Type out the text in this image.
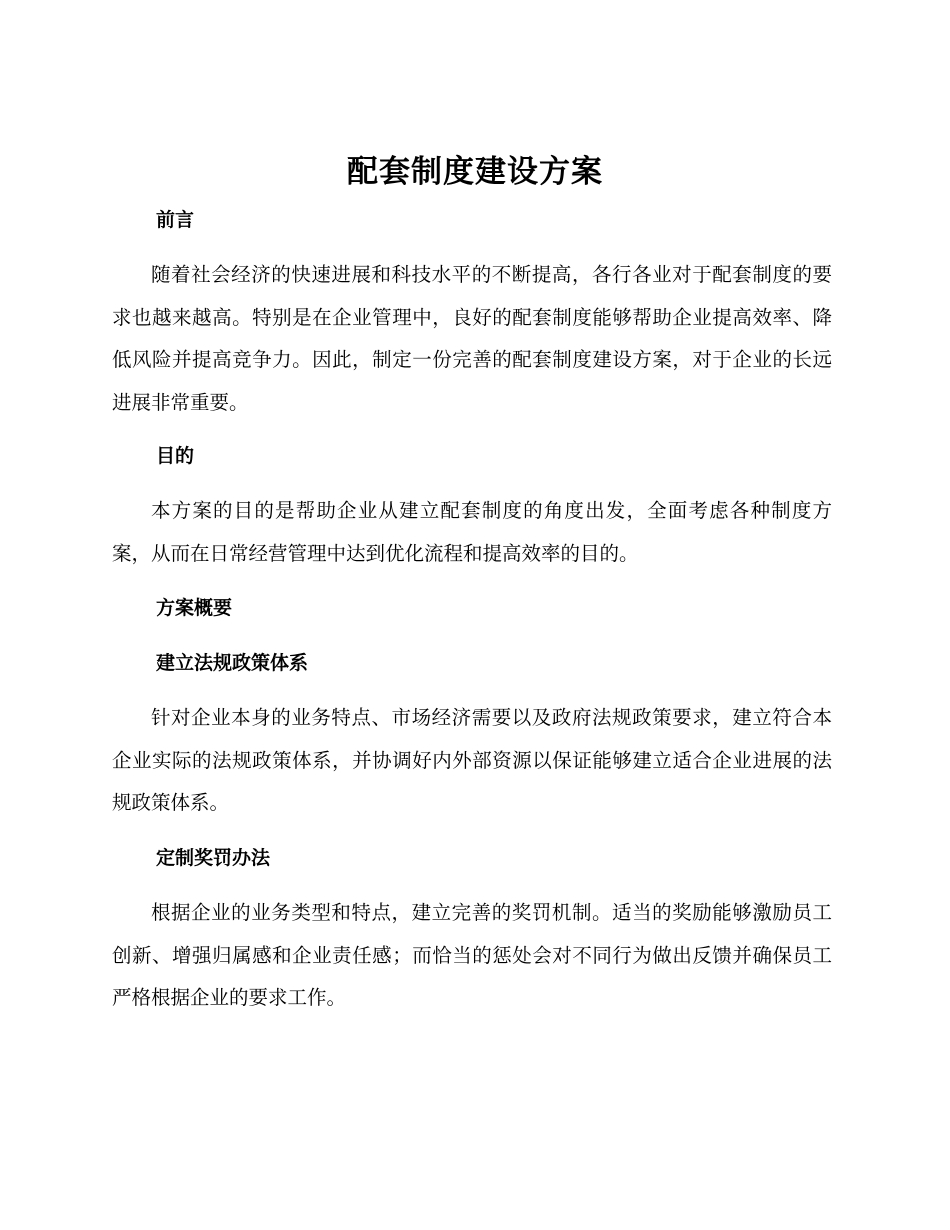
配套制度建设方案
前言

随着社会经济的快速进展和科技水平的不断提高，各行各业对于配套制度的要求也越来越高。特别是在企业管理中，良好的配套制度能够帮助企业提高效率、降低风险并提高竞争力。因此，制定一份完善的配套制度建设方案，对于企业的长远进展非常重要。

目的

本方案的目的是帮助企业从建立配套制度的角度出发，全面考虑各种制度方案，从而在日常经营管理中达到优化流程和提高效率的目的。

方案概要
建立法规政策体系

针对企业本身的业务特点、市场经济需要以及政府法规政策要求，建立符合本企业实际的法规政策体系，并协调好内外部资源以保证能够建立适合企业进展的法规政策体系。

定制奖罚办法

根据企业的业务类型和特点，建立完善的奖罚机制。适当的奖励能够激励员工创新、增强归属感和企业责任感；而恰当的惩处会对不同行为做出反馈并确保员工严格根据企业的要求工作。
